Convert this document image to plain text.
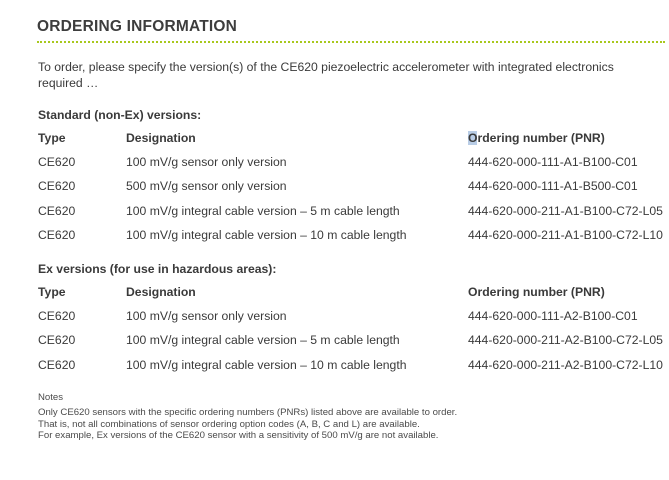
ORDERING INFORMATION
To order, please specify the version(s) of the CE620 piezoelectric accelerometer with integrated electronics required …
Standard (non-Ex) versions:
Type	Designation	Ordering number (PNR)
CE620	100 mV/g sensor only version	444-620-000-111-A1-B100-C01
CE620	500 mV/g sensor only version	444-620-000-111-A1-B500-C01
CE620	100 mV/g integral cable version – 5 m cable length	444-620-000-211-A1-B100-C72-L05
CE620	100 mV/g integral cable version – 10 m cable length	444-620-000-211-A1-B100-C72-L10
Ex versions (for use in hazardous areas):
Type	Designation	Ordering number (PNR)
CE620	100 mV/g sensor only version	444-620-000-111-A2-B100-C01
CE620	100 mV/g integral cable version – 5 m cable length	444-620-000-211-A2-B100-C72-L05
CE620	100 mV/g integral cable version – 10 m cable length	444-620-000-211-A2-B100-C72-L10
Notes
Only CE620 sensors with the specific ordering numbers (PNRs) listed above are available to order.
That is, not all combinations of sensor ordering option codes (A, B, C and L) are available.
For example, Ex versions of the CE620 sensor with a sensitivity of 500 mV/g are not available.
